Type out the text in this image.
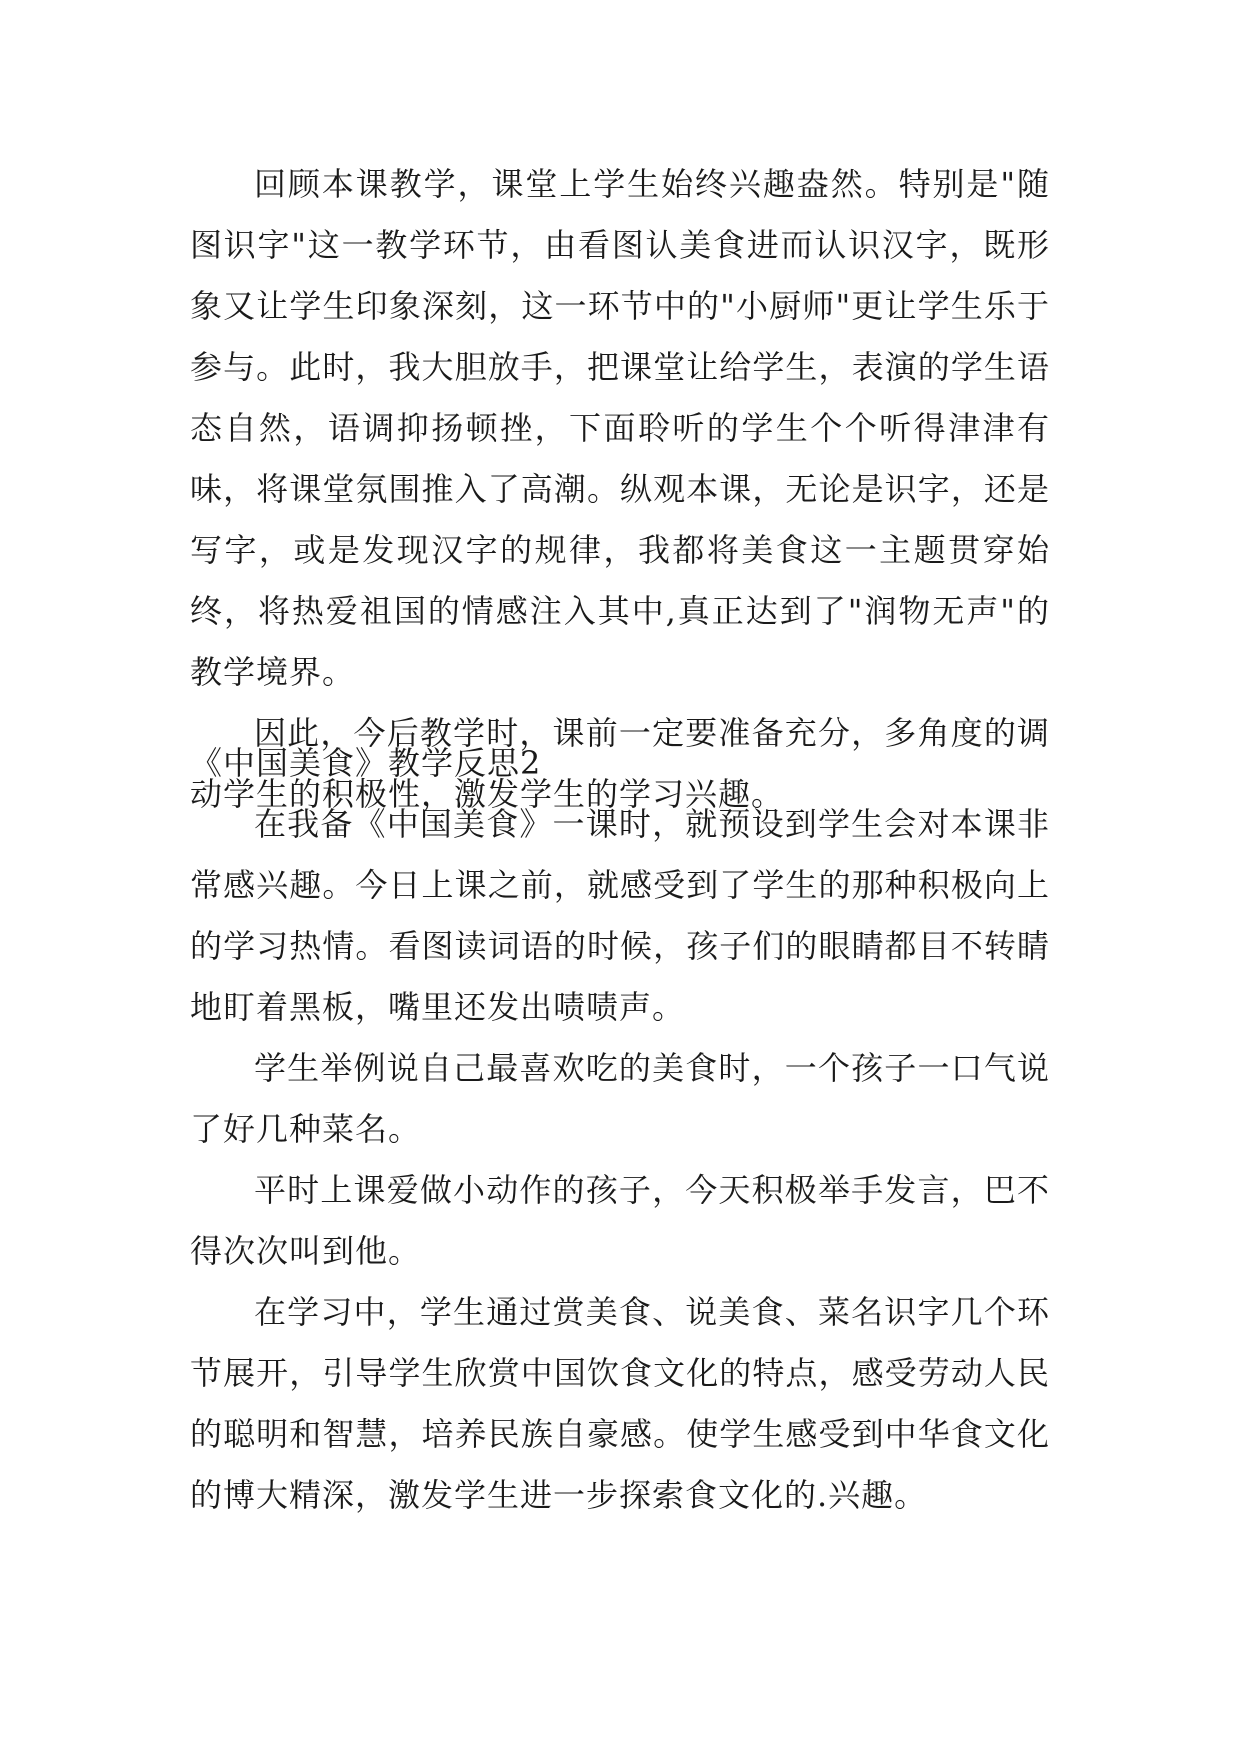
回顾本课教学，课堂上学生始终兴趣盎然。特别是"随图识字"这一教学环节，由看图认美食进而认识汉字，既形象又让学生印象深刻，这一环节中的"小厨师"更让学生乐于参与。此时，我大胆放手，把课堂让给学生，表演的学生语态自然，语调抑扬顿挫，下面聆听的学生个个听得津津有味，将课堂氛围推入了高潮。纵观本课，无论是识字，还是写字，或是发现汉字的规律，我都将美食这一主题贯穿始终，将热爱祖国的情感注入其中,真正达到了"润物无声"的教学境界。

因此，今后教学时，课前一定要准备充分，多角度的调动学生的积极性，激发学生的学习兴趣。

《中国美食》教学反思2

在我备《中国美食》一课时，就预设到学生会对本课非常感兴趣。今日上课之前，就感受到了学生的那种积极向上的学习热情。看图读词语的时候，孩子们的眼睛都目不转睛地盯着黑板，嘴里还发出啧啧声。

学生举例说自己最喜欢吃的美食时，一个孩子一口气说了好几种菜名。

平时上课爱做小动作的孩子，今天积极举手发言，巴不得次次叫到他。

在学习中，学生通过赏美食、说美食、菜名识字几个环节展开，引导学生欣赏中国饮食文化的特点，感受劳动人民的聪明和智慧，培养民族自豪感。使学生感受到中华食文化的博大精深，激发学生进一步探索食文化的.兴趣。
